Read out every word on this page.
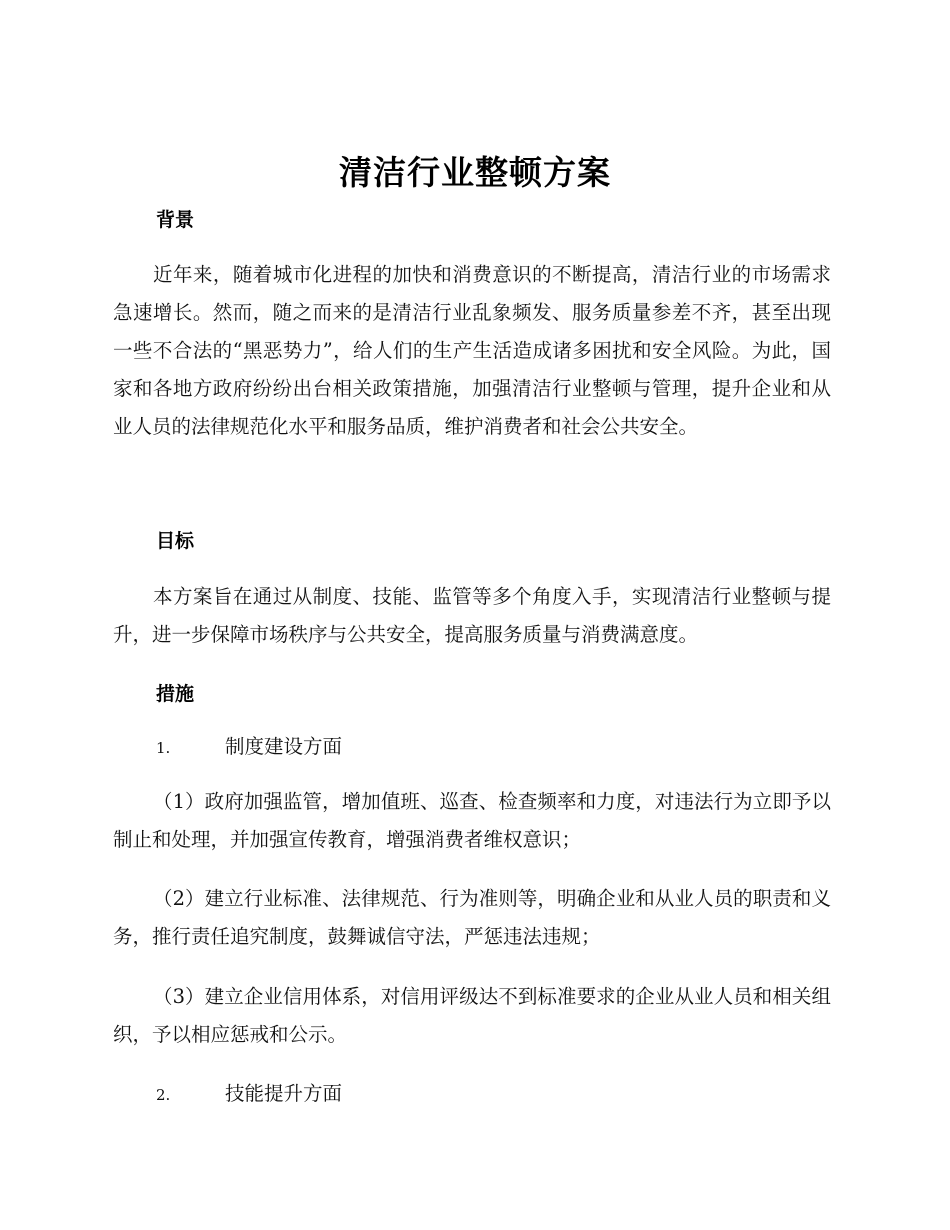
清洁行业整顿方案
背景
近年来，随着城市化进程的加快和消费意识的不断提高，清洁行业的市场需求急速增长。然而，随之而来的是清洁行业乱象频发、服务质量参差不齐，甚至出现一些不合法的“黑恶势力”，给人们的生产生活造成诸多困扰和安全风险。为此，国家和各地方政府纷纷出台相关政策措施，加强清洁行业整顿与管理，提升企业和从业人员的法律规范化水平和服务品质，维护消费者和社会公共安全。
目标
本方案旨在通过从制度、技能、监管等多个角度入手，实现清洁行业整顿与提升，进一步保障市场秩序与公共安全，提高服务质量与消费满意度。
措施
1.	制度建设方面
（1）政府加强监管，增加值班、巡查、检查频率和力度，对违法行为立即予以制止和处理，并加强宣传教育，增强消费者维权意识；
（2）建立行业标准、法律规范、行为准则等，明确企业和从业人员的职责和义务，推行责任追究制度，鼓舞诚信守法，严惩违法违规；
（3）建立企业信用体系，对信用评级达不到标准要求的企业从业人员和相关组织，予以相应惩戒和公示。
2.	技能提升方面
